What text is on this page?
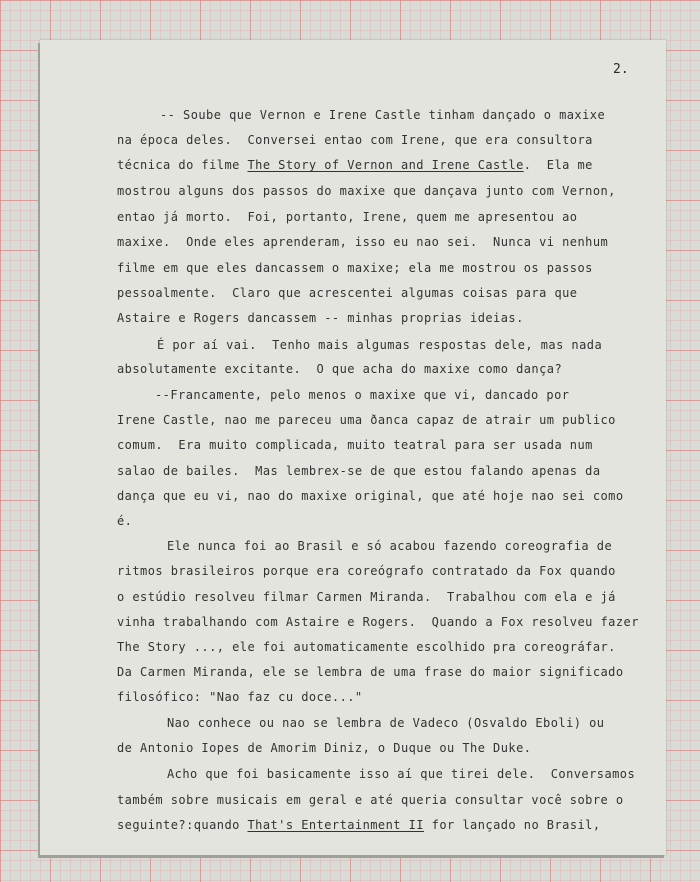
2.
-- Soube que Vernon e Irene Castle tinham dançado o maxixe
na época deles.  Conversei entao com Irene, que era consultora
técnica do filme The Story of Vernon and Irene Castle.  Ela me
mostrou alguns dos passos do maxixe que dançava junto com Vernon,
entao já morto.  Foi, portanto, Irene, quem me apresentou ao
maxixe.  Onde eles aprenderam, isso eu nao sei.  Nunca vi nenhum
filme em que eles dancassem o maxixe; ela me mostrou os passos
pessoalmente.  Claro que acrescentei algumas coisas para que
Astaire e Rogers dancassem -- minhas proprias ideias.
É por aí vai.  Tenho mais algumas respostas dele, mas nada
absolutamente excitante.  O que acha do maxixe como dança?
--Francamente, pelo menos o maxixe que vi, dancado por
Irene Castle, nao me pareceu uma ðanca capaz de atrair um publico
comum.  Era muito complicada, muito teatral para ser usada num
salao de bailes.  Mas lembrex-se de que estou falando apenas da
dança que eu vi, nao do maxixe original, que até hoje nao sei como
é.
Ele nunca foi ao Brasil e só acabou fazendo coreografia de
ritmos brasileiros porque era coreógrafo contratado da Fox quando
o estúdio resolveu filmar Carmen Miranda.  Trabalhou com ela e já
vinha trabalhando com Astaire e Rogers.  Quando a Fox resolveu fazer
The Story ..., ele foi automaticamente escolhido pra coreográfar.
Da Carmen Miranda, ele se lembra de uma frase do maior significado
filosófico: "Nao faz cu doce..."
Nao conhece ou nao se lembra de Vadeco (Osvaldo Eboli) ou
de Antonio Iopes de Amorim Diniz, o Duque ou The Duke.
Acho que foi basicamente isso aí que tirei dele.  Conversamos
também sobre musicais em geral e até queria consultar você sobre o
seguinte?:quando That's Entertainment II for lançado no Brasil,
